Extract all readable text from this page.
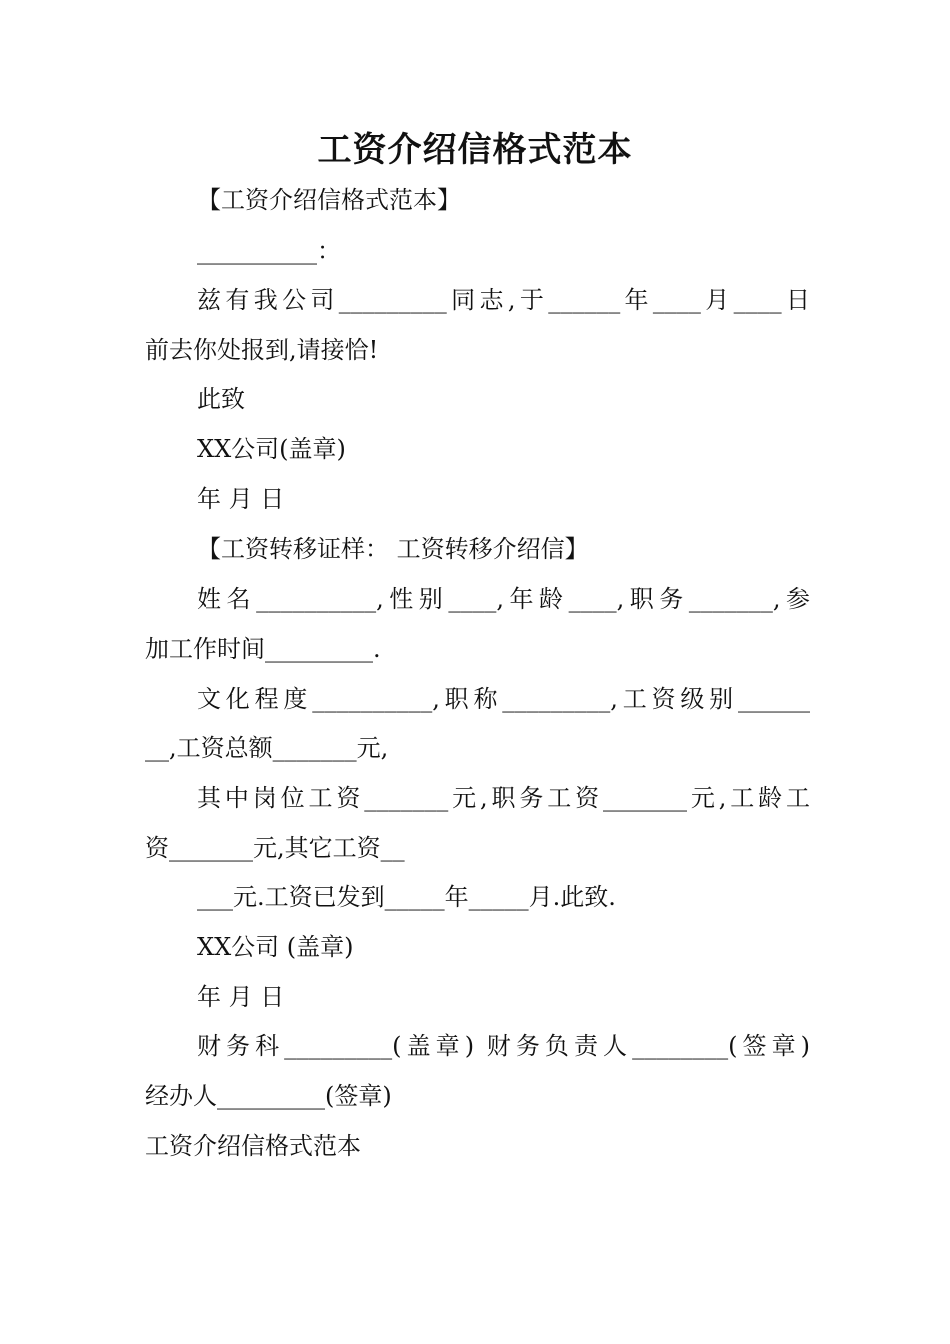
工资介绍信格式范本
【工资介绍信格式范本】
__________：
兹有我公司_________同志,于______年____月____日
前去你处报到,请接恰!
此致
XX公司(盖章)
年 月 日
【工资转移证样： 工资转移介绍信】
姓名__________,性别____,年龄____,职务_______,参
加工作时间_________.
文化程度__________,职称_________,工资级别______
__,工资总额_______元,
其中岗位工资_______元,职务工资_______元,工龄工
资_______元,其它工资__
___元.工资已发到_____年_____月.此致.
XX公司 (盖章)
年 月 日
财务科_________(盖章) 财务负责人________(签章)
经办人_________(签章)
工资介绍信格式范本
